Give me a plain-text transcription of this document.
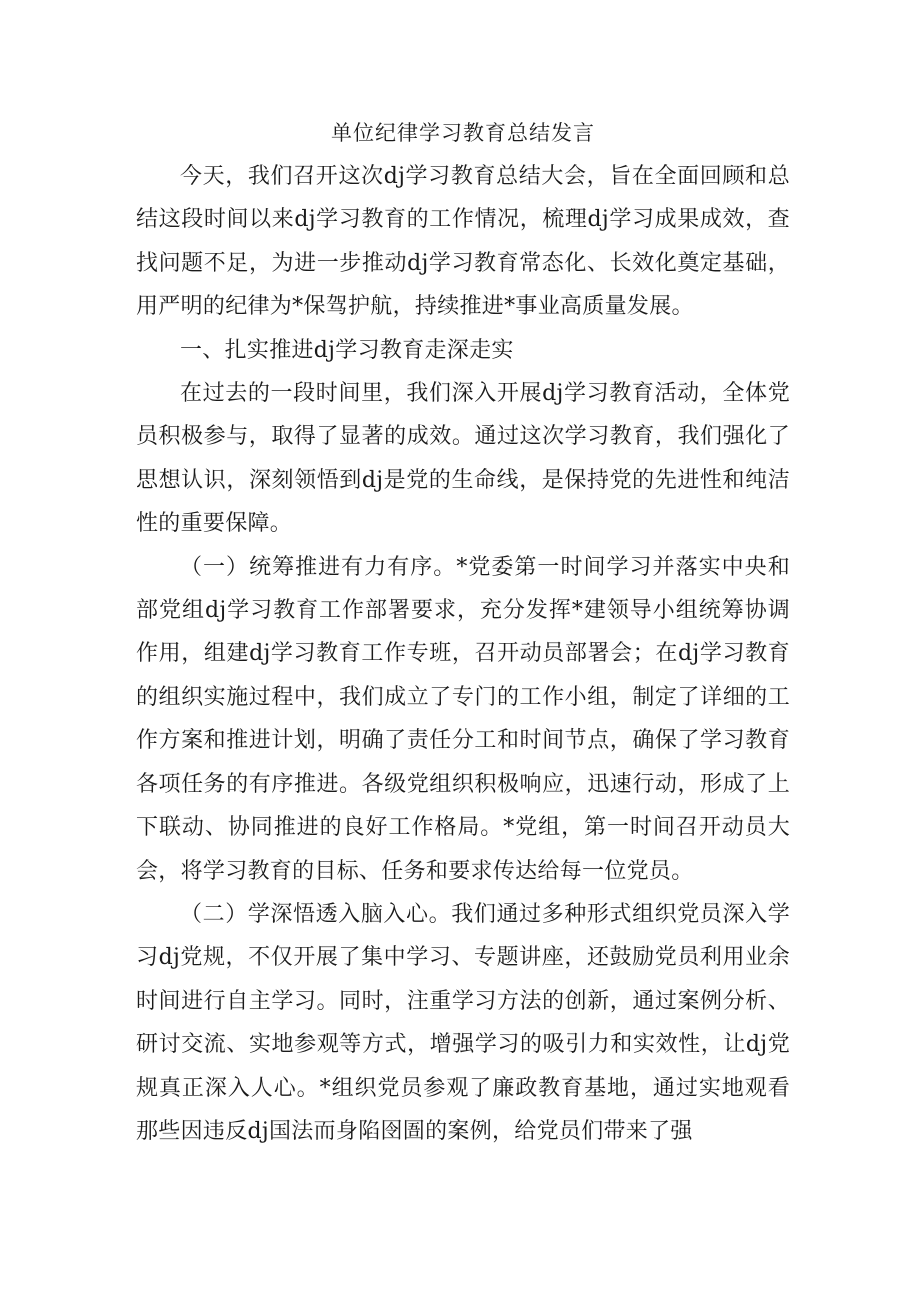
单位纪律学习教育总结发言

今天，我们召开这次dj学习教育总结大会，旨在全面回顾和总结这段时间以来dj学习教育的工作情况，梳理dj学习成果成效，查找问题不足，为进一步推动dj学习教育常态化、长效化奠定基础，用严明的纪律为*保驾护航，持续推进*事业高质量发展。

一、扎实推进dj学习教育走深走实

在过去的一段时间里，我们深入开展dj学习教育活动，全体党员积极参与，取得了显著的成效。通过这次学习教育，我们强化了思想认识，深刻领悟到dj是党的生命线，是保持党的先进性和纯洁性的重要保障。

（一）统筹推进有力有序。*党委第一时间学习并落实中央和部党组dj学习教育工作部署要求，充分发挥*建领导小组统筹协调作用，组建dj学习教育工作专班，召开动员部署会；在dj学习教育的组织实施过程中，我们成立了专门的工作小组，制定了详细的工作方案和推进计划，明确了责任分工和时间节点，确保了学习教育各项任务的有序推进。各级党组织积极响应，迅速行动，形成了上下联动、协同推进的良好工作格局。*党组，第一时间召开动员大会，将学习教育的目标、任务和要求传达给每一位党员。

（二）学深悟透入脑入心。我们通过多种形式组织党员深入学习dj党规，不仅开展了集中学习、专题讲座，还鼓励党员利用业余时间进行自主学习。同时，注重学习方法的创新，通过案例分析、研讨交流、实地参观等方式，增强学习的吸引力和实效性，让dj党规真正深入人心。*组织党员参观了廉政教育基地，通过实地观看那些因违反dj国法而身陷囹圄的案例，给党员们带来了强
